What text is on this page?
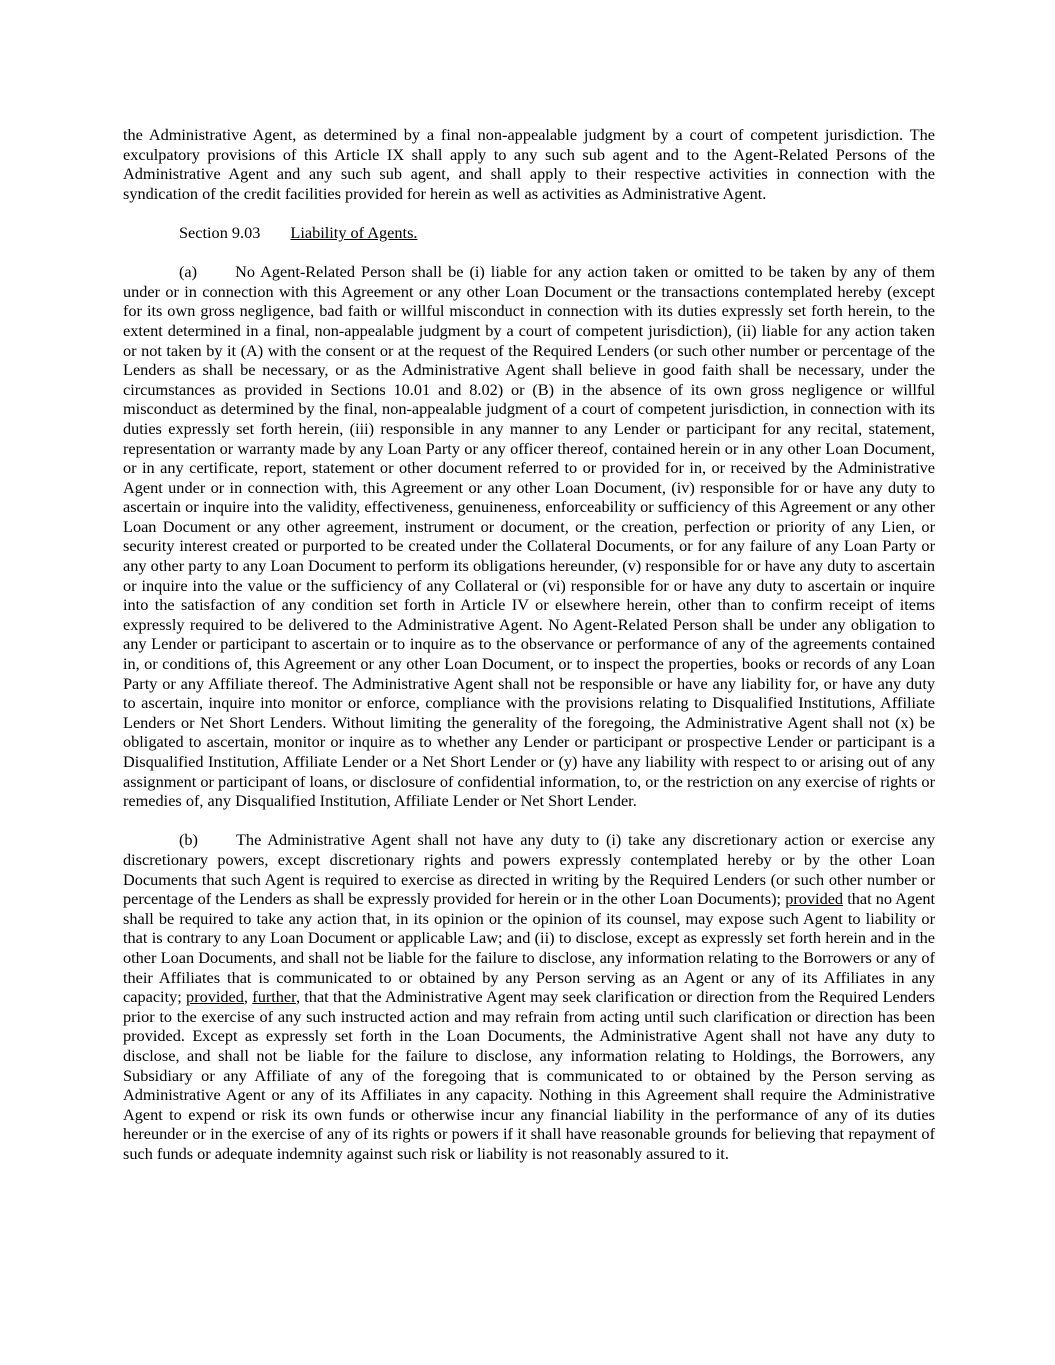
the Administrative Agent, as determined by a final non-appealable judgment by a court of competent jurisdiction. The exculpatory provisions of this Article IX shall apply to any such sub agent and to the Agent-Related Persons of the Administrative Agent and any such sub agent, and shall apply to their respective activities in connection with the syndication of the credit facilities provided for herein as well as activities as Administrative Agent.

Section 9.03 Liability of Agents.

(a) No Agent-Related Person shall be (i) liable for any action taken or omitted to be taken by any of them under or in connection with this Agreement or any other Loan Document or the transactions contemplated hereby (except for its own gross negligence, bad faith or willful misconduct in connection with its duties expressly set forth herein, to the extent determined in a final, non-appealable judgment by a court of competent jurisdiction), (ii) liable for any action taken or not taken by it (A) with the consent or at the request of the Required Lenders (or such other number or percentage of the Lenders as shall be necessary, or as the Administrative Agent shall believe in good faith shall be necessary, under the circumstances as provided in Sections 10.01 and 8.02) or (B) in the absence of its own gross negligence or willful misconduct as determined by the final, non-appealable judgment of a court of competent jurisdiction, in connection with its duties expressly set forth herein, (iii) responsible in any manner to any Lender or participant for any recital, statement, representation or warranty made by any Loan Party or any officer thereof, contained herein or in any other Loan Document, or in any certificate, report, statement or other document referred to or provided for in, or received by the Administrative Agent under or in connection with, this Agreement or any other Loan Document, (iv) responsible for or have any duty to ascertain or inquire into the validity, effectiveness, genuineness, enforceability or sufficiency of this Agreement or any other Loan Document or any other agreement, instrument or document, or the creation, perfection or priority of any Lien, or security interest created or purported to be created under the Collateral Documents, or for any failure of any Loan Party or any other party to any Loan Document to perform its obligations hereunder, (v) responsible for or have any duty to ascertain or inquire into the value or the sufficiency of any Collateral or (vi) responsible for or have any duty to ascertain or inquire into the satisfaction of any condition set forth in Article IV or elsewhere herein, other than to confirm receipt of items expressly required to be delivered to the Administrative Agent. No Agent-Related Person shall be under any obligation to any Lender or participant to ascertain or to inquire as to the observance or performance of any of the agreements contained in, or conditions of, this Agreement or any other Loan Document, or to inspect the properties, books or records of any Loan Party or any Affiliate thereof. The Administrative Agent shall not be responsible or have any liability for, or have any duty to ascertain, inquire into monitor or enforce, compliance with the provisions relating to Disqualified Institutions, Affiliate Lenders or Net Short Lenders. Without limiting the generality of the foregoing, the Administrative Agent shall not (x) be obligated to ascertain, monitor or inquire as to whether any Lender or participant or prospective Lender or participant is a Disqualified Institution, Affiliate Lender or a Net Short Lender or (y) have any liability with respect to or arising out of any assignment or participant of loans, or disclosure of confidential information, to, or the restriction on any exercise of rights or remedies of, any Disqualified Institution, Affiliate Lender or Net Short Lender.

(b) The Administrative Agent shall not have any duty to (i) take any discretionary action or exercise any discretionary powers, except discretionary rights and powers expressly contemplated hereby or by the other Loan Documents that such Agent is required to exercise as directed in writing by the Required Lenders (or such other number or percentage of the Lenders as shall be expressly provided for herein or in the other Loan Documents); provided that no Agent shall be required to take any action that, in its opinion or the opinion of its counsel, may expose such Agent to liability or that is contrary to any Loan Document or applicable Law; and (ii) to disclose, except as expressly set forth herein and in the other Loan Documents, and shall not be liable for the failure to disclose, any information relating to the Borrowers or any of their Affiliates that is communicated to or obtained by any Person serving as an Agent or any of its Affiliates in any capacity; provided, further, that that the Administrative Agent may seek clarification or direction from the Required Lenders prior to the exercise of any such instructed action and may refrain from acting until such clarification or direction has been provided. Except as expressly set forth in the Loan Documents, the Administrative Agent shall not have any duty to disclose, and shall not be liable for the failure to disclose, any information relating to Holdings, the Borrowers, any Subsidiary or any Affiliate of any of the foregoing that is communicated to or obtained by the Person serving as Administrative Agent or any of its Affiliates in any capacity. Nothing in this Agreement shall require the Administrative Agent to expend or risk its own funds or otherwise incur any financial liability in the performance of any of its duties hereunder or in the exercise of any of its rights or powers if it shall have reasonable grounds for believing that repayment of such funds or adequate indemnity against such risk or liability is not reasonably assured to it.
